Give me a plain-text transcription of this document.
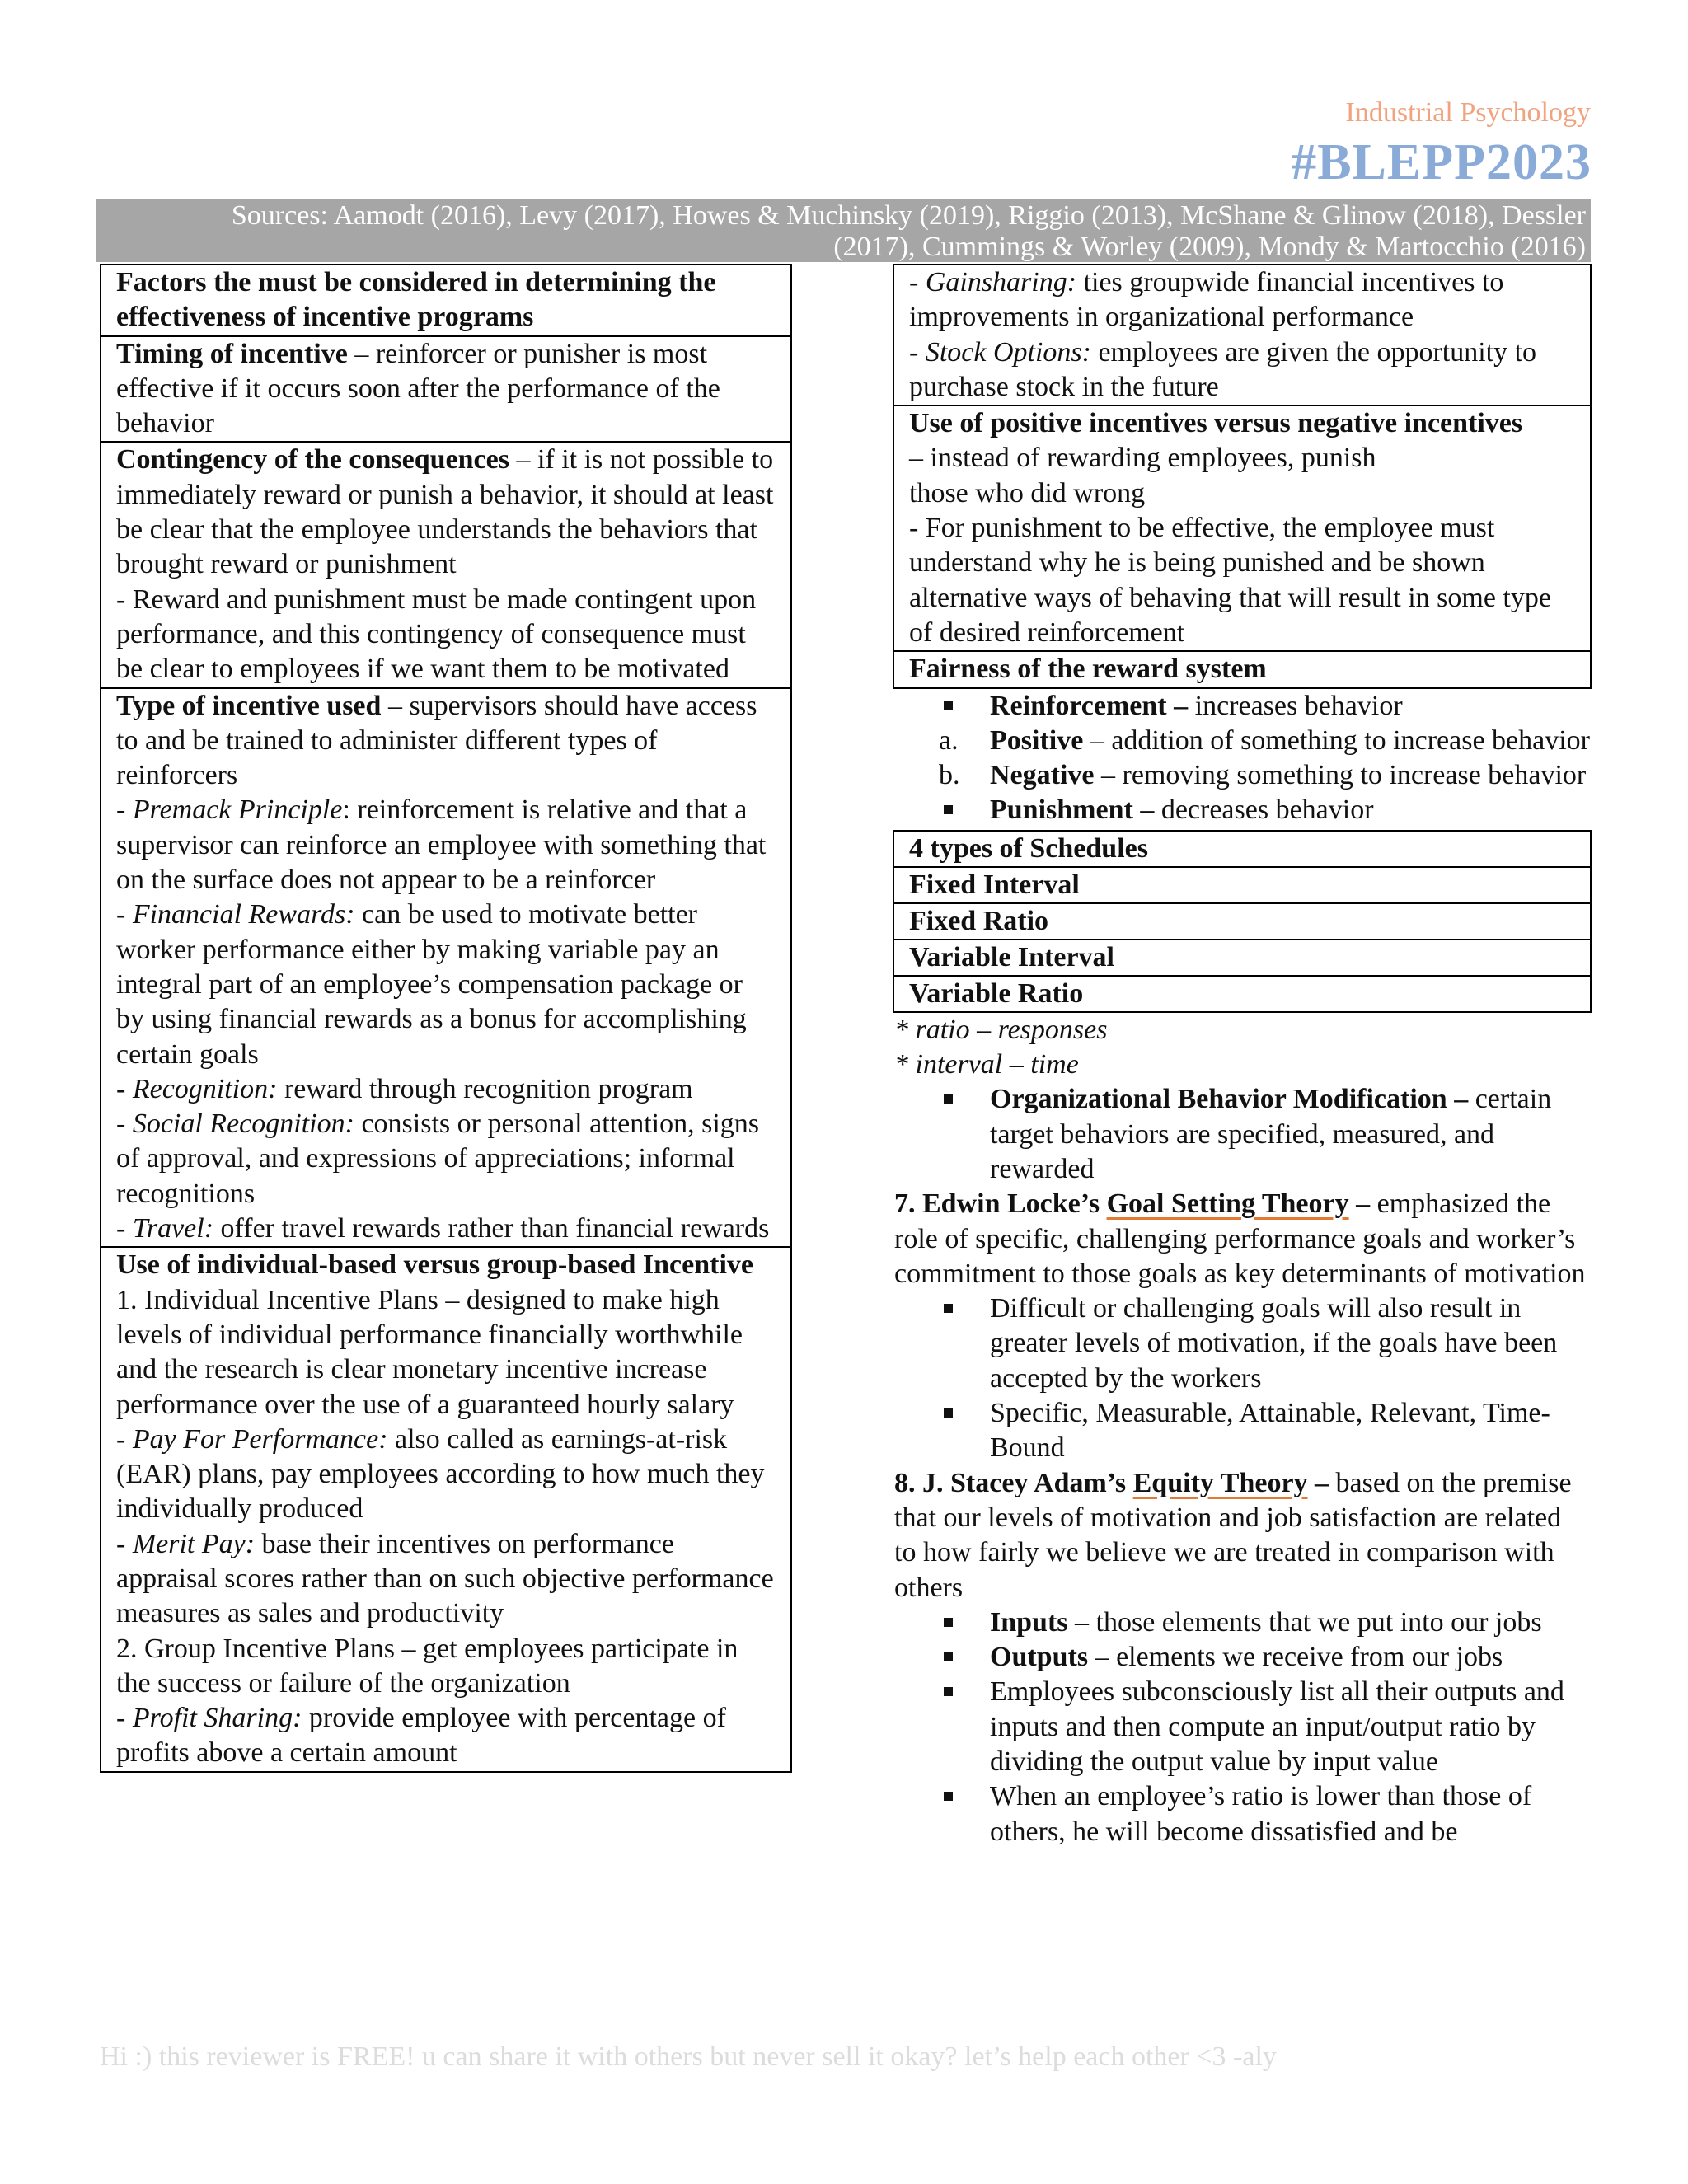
Industrial Psychology
#BLEPP2023
Sources: Aamodt (2016), Levy (2017), Howes & Muchinsky (2019), Riggio (2013), McShane & Glinow (2018), Dessler (2017), Cummings & Worley (2009), Mondy & Martocchio (2016)
Factors the must be considered in determining the effectiveness of incentive programs
Timing of incentive – reinforcer or punisher is most effective if it occurs soon after the performance of the behavior
Contingency of the consequences – if it is not possible to immediately reward or punish a behavior, it should at least be clear that the employee understands the behaviors that brought reward or punishment
- Reward and punishment must be made contingent upon performance, and this contingency of consequence must be clear to employees if we want them to be motivated
Type of incentive used – supervisors should have access to and be trained to administer different types of reinforcers
- Premack Principle: reinforcement is relative and that a supervisor can reinforce an employee with something that on the surface does not appear to be a reinforcer
- Financial Rewards: can be used to motivate better worker performance either by making variable pay an integral part of an employee’s compensation package or by using financial rewards as a bonus for accomplishing certain goals
- Recognition: reward through recognition program
- Social Recognition: consists or personal attention, signs of approval, and expressions of appreciations; informal recognitions
- Travel: offer travel rewards rather than financial rewards
Use of individual-based versus group-based Incentive
1. Individual Incentive Plans – designed to make high levels of individual performance financially worthwhile and the research is clear monetary incentive increase performance over the use of a guaranteed hourly salary
- Pay For Performance: also called as earnings-at-risk (EAR) plans, pay employees according to how much they individually produced
- Merit Pay: base their incentives on performance appraisal scores rather than on such objective performance measures as sales and productivity
2. Group Incentive Plans – get employees participate in the success or failure of the organization
- Profit Sharing: provide employee with percentage of profits above a certain amount
- Gainsharing: ties groupwide financial incentives to improvements in organizational performance
- Stock Options: employees are given the opportunity to purchase stock in the future
Use of positive incentives versus negative incentives
– instead of rewarding employees, punish
those who did wrong
- For punishment to be effective, the employee must understand why he is being punished and be shown alternative ways of behaving that will result in some type of desired reinforcement
Fairness of the reward system
Reinforcement – increases behavior
a. Positive – addition of something to increase behavior
b. Negative – removing something to increase behavior
Punishment – decreases behavior
4 types of Schedules
Fixed Interval
Fixed Ratio
Variable Interval
Variable Ratio
* ratio – responses
* interval – time
Organizational Behavior Modification – certain target behaviors are specified, measured, and rewarded
7. Edwin Locke’s Goal Setting Theory – emphasized the role of specific, challenging performance goals and worker’s commitment to those goals as key determinants of motivation
Difficult or challenging goals will also result in greater levels of motivation, if the goals have been accepted by the workers
Specific, Measurable, Attainable, Relevant, Time-Bound
8. J. Stacey Adam’s Equity Theory – based on the premise that our levels of motivation and job satisfaction are related to how fairly we believe we are treated in comparison with others
Inputs – those elements that we put into our jobs
Outputs – elements we receive from our jobs
Employees subconsciously list all their outputs and inputs and then compute an input/output ratio by dividing the output value by input value
When an employee’s ratio is lower than those of others, he will become dissatisfied and be
Hi :) this reviewer is FREE! u can share it with others but never sell it okay? let’s help each other <3 -aly
